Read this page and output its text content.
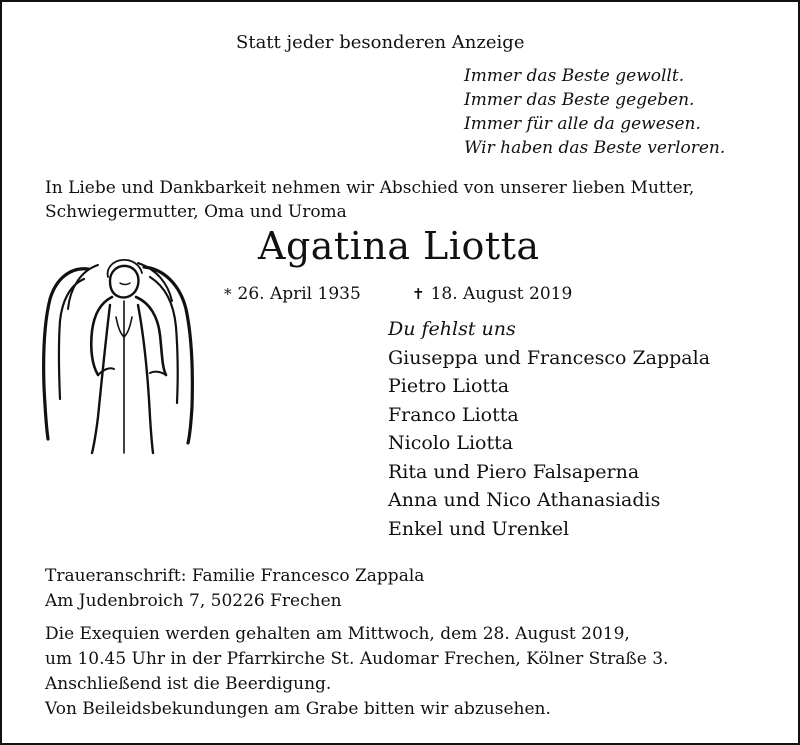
Statt jeder besonderen Anzeige
Immer das Beste gewollt.
Immer das Beste gegeben.
Immer für alle da gewesen.
Wir haben das Beste verloren.
In Liebe und Dankbarkeit nehmen wir Abschied von unserer lieben Mutter,
Schwiegermutter, Oma und Uroma
Agatina Liotta
* 26. April 1935	✝ 18. August 2019
Du fehlst uns
Giuseppa und Francesco Zappala
Pietro Liotta
Franco Liotta
Nicolo Liotta
Rita und Piero Falsaperna
Anna und Nico Athanasiadis
Enkel und Urenkel
Traueranschrift: Familie Francesco Zappala
Am Judenbroich 7, 50226 Frechen
Die Exequien werden gehalten am Mittwoch, dem 28. August 2019,
um 10.45 Uhr in der Pfarrkirche St. Audomar Frechen, Kölner Straße 3.
Anschließend ist die Beerdigung.
Von Beileidsbekundungen am Grabe bitten wir abzusehen.
